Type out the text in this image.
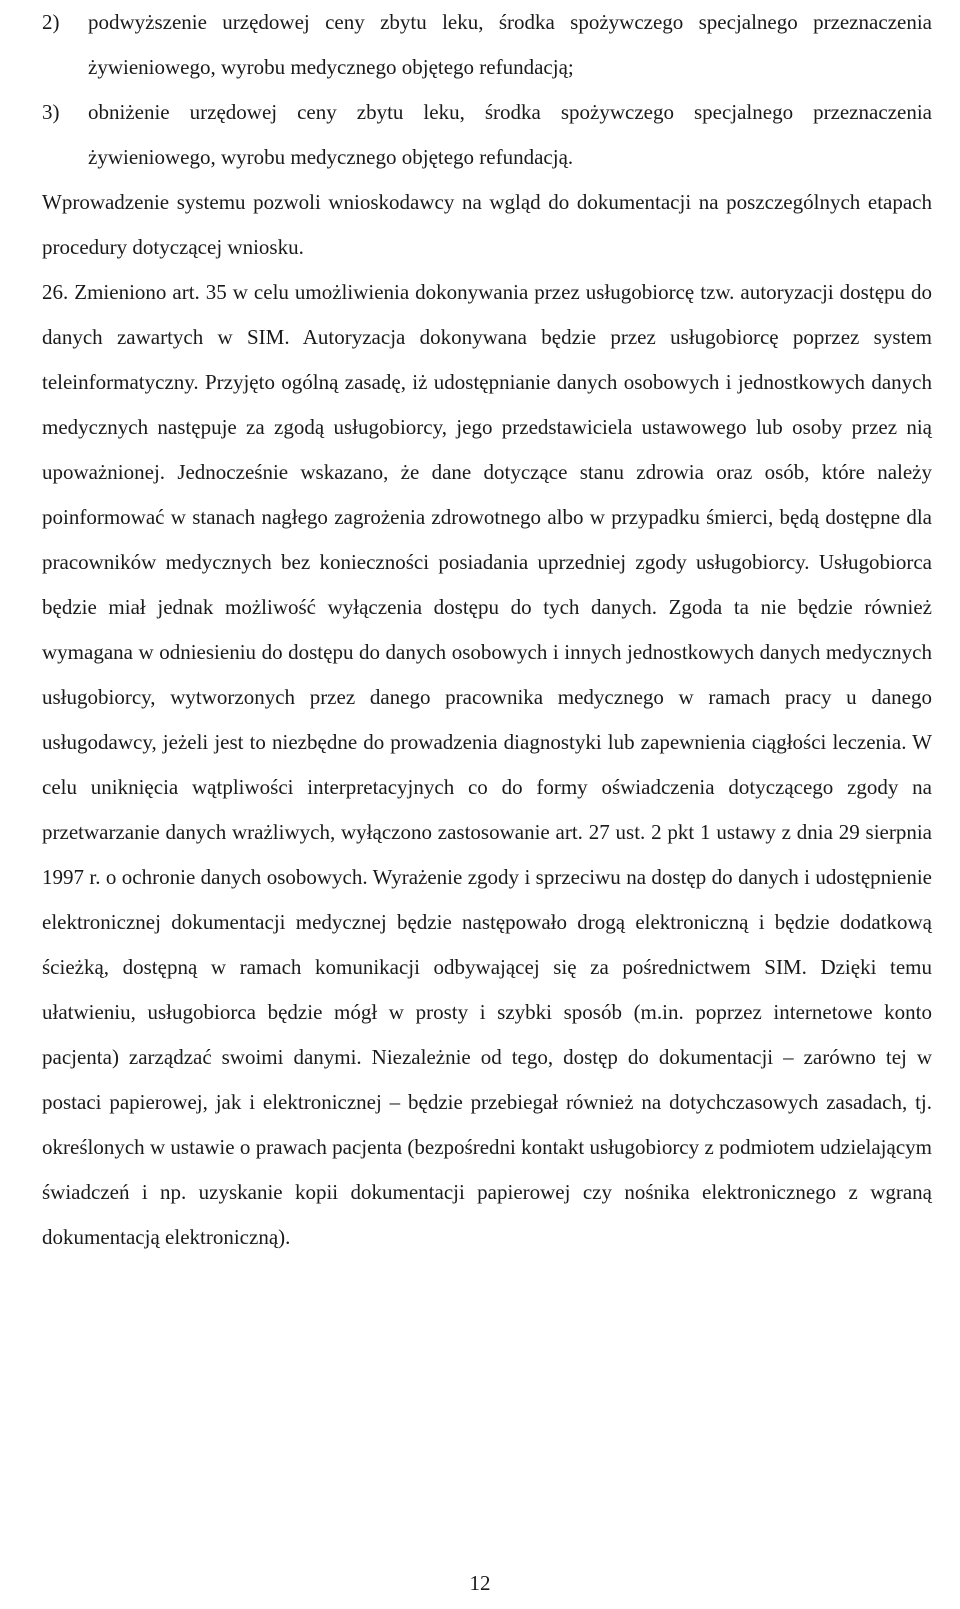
2)	podwyższenie urzędowej ceny zbytu leku, środka spożywczego specjalnego przeznaczenia żywieniowego, wyrobu medycznego objętego refundacją;
3)	obniżenie urzędowej ceny zbytu leku, środka spożywczego specjalnego przeznaczenia żywieniowego, wyrobu medycznego objętego refundacją.

Wprowadzenie systemu pozwoli wnioskodawcy na wgląd do dokumentacji na poszczególnych etapach procedury dotyczącej wniosku.

26. Zmieniono art. 35 w celu umożliwienia dokonywania przez usługobiorcę tzw. autoryzacji dostępu do danych zawartych w SIM. Autoryzacja dokonywana będzie przez usługobiorcę poprzez system teleinformatyczny. Przyjęto ogólną zasadę, iż udostępnianie danych osobowych i jednostkowych danych medycznych następuje za zgodą usługobiorcy, jego przedstawiciela ustawowego lub osoby przez nią upoważnionej. Jednocześnie wskazano, że dane dotyczące stanu zdrowia oraz osób, które należy poinformować w stanach nagłego zagrożenia zdrowotnego albo w przypadku śmierci, będą dostępne dla pracowników medycznych bez konieczności posiadania uprzedniej zgody usługobiorcy. Usługobiorca będzie miał jednak możliwość wyłączenia dostępu do tych danych. Zgoda ta nie będzie również wymagana w odniesieniu do dostępu do danych osobowych i innych jednostkowych danych medycznych usługobiorcy, wytworzonych przez danego pracownika medycznego w ramach pracy u danego usługodawcy, jeżeli jest to niezbędne do prowadzenia diagnostyki lub zapewnienia ciągłości leczenia. W celu uniknięcia wątpliwości interpretacyjnych co do formy oświadczenia dotyczącego zgody na przetwarzanie danych wrażliwych, wyłączono zastosowanie art. 27 ust. 2 pkt 1 ustawy z dnia 29 sierpnia 1997 r. o ochronie danych osobowych. Wyrażenie zgody i sprzeciwu na dostęp do danych i udostępnienie elektronicznej dokumentacji medycznej będzie następowało drogą elektroniczną i będzie dodatkową ścieżką, dostępną w ramach komunikacji odbywającej się za pośrednictwem SIM. Dzięki temu ułatwieniu, usługobiorca będzie mógł w prosty i szybki sposób (m.in. poprzez internetowe konto pacjenta) zarządzać swoimi danymi. Niezależnie od tego, dostęp do dokumentacji – zarówno tej w postaci papierowej, jak i elektronicznej – będzie przebiegał również na dotychczasowych zasadach, tj. określonych w ustawie o prawach pacjenta (bezpośredni kontakt usługobiorcy z podmiotem udzielającym świadczeń i np. uzyskanie kopii dokumentacji papierowej czy nośnika elektronicznego z wgraną dokumentacją elektroniczną).

12
